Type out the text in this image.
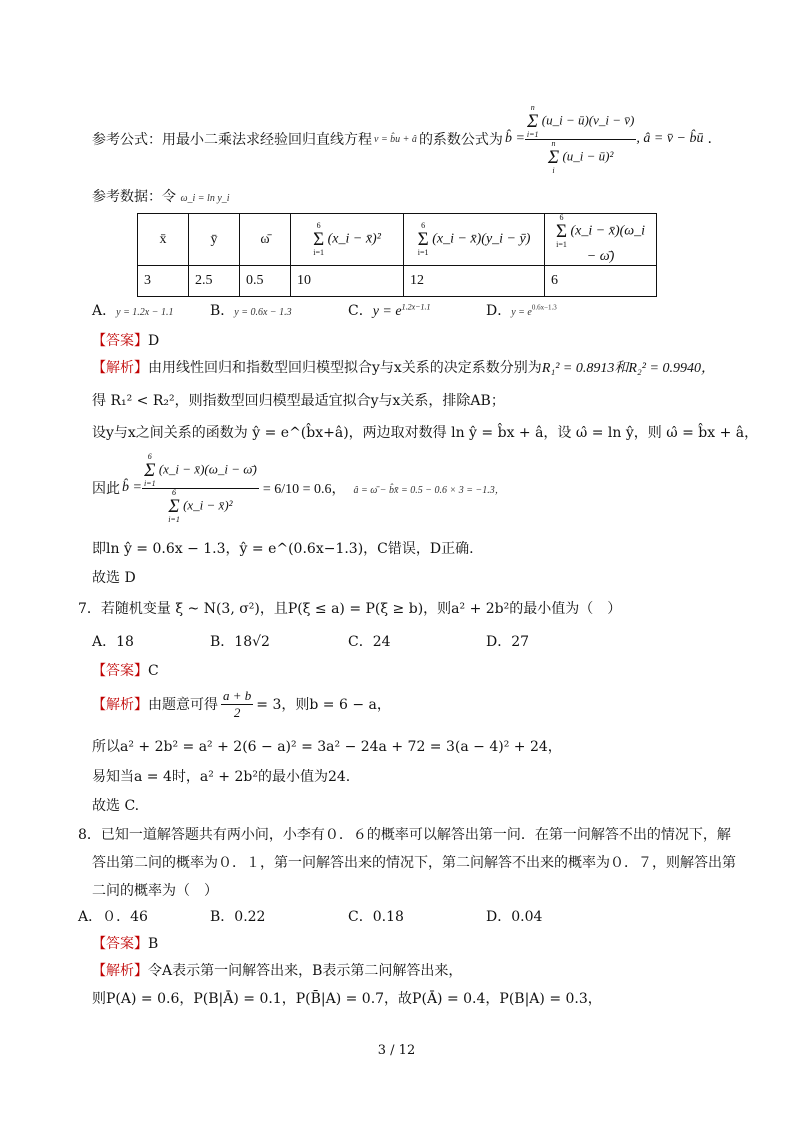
参考公式：用最小二乘法求经验回归直线方程 v = b̂u + â 的系数公式为 b̂ = n
Σ
i=1
(u_i − ū)(v_i − v̄)
n
Σ
i
(u_i − ū)² , â = v̄ − b̂ū .
参考数据：令 ω_i = ln y_i
x̄	ȳ	ω̄	6
Σ
i=1
(x_i − x̄)²	6
Σ
i=1
(x_i − x̄)(y_i − ȳ)	6
Σ
i=1
(x_i − x̄)(ω_i − ω̄)
3	2.5	0.5	10	12	6
A．y = 1.2x − 1.1	B．y = 0.6x − 1.3	C．$y = e^{1.2x-1.1}$	D．$y = e^{0.6x-1.3}$
【答案】D
【解析】由用线性回归和指数型回归模型拟合y与x关系的决定系数分别为R₁² = 0.8913和R₂² = 0.9940，
得 R₁² < R₂²，则指数型回归模型最适宜拟合y与x关系，排除AB；
设y与x之间关系的函数为 ŷ = e^(b̂x+â)，两边取对数得 ln ŷ = b̂x + â，设 ω̂ = ln ŷ，则 ω̂ = b̂x + â，
因此 b̂ = 6
Σ
i=1
(x_i − x̄)(ω_i − ω̄)
6
Σ
i=1
(x_i − x̄)² = 6/10 = 0.6， â = ω̄ − b̂x̄ = 0.5 − 0.6 × 3 = −1.3，
即ln ŷ = 0.6x − 1.3，ŷ = e^(0.6x−1.3)，C错误，D正确.
故选 D
7．若随机变量 ξ ~ N(3, σ²)，且P(ξ ≤ a) = P(ξ ≥ b)，则a² + 2b²的最小值为（　）
A．18	B．18√2	C．24	D．27
【答案】C
【解析】 由题意可得 $\frac{a + b}{2} = 3$，则b = 6 − a，
所以a² + 2b² = a² + 2(6 − a)² = 3a² − 24a + 72 = 3(a − 4)² + 24，
易知当a = 4时，a² + 2b²的最小值为24.
故选 C.
8．已知一道解答题共有两小问，小李有０．６的概率可以解答出第一问．在第一问解答不出的情况下，解
答出第二问的概率为０．１，第一问解答出来的情况下，第二问解答不出来的概率为０．７，则解答出第
二问的概率为（　）
A．０．46	B．0.22	C．0.18	D．0.04
【答案】B
【解析】令A表示第一问解答出来，B表示第二问解答出来，
则P(A) = 0.6，P(B|Ā) = 0.1，P(B̄|A) = 0.7，故P(Ā) = 0.4，P(B|A) = 0.3，
3 / 12
